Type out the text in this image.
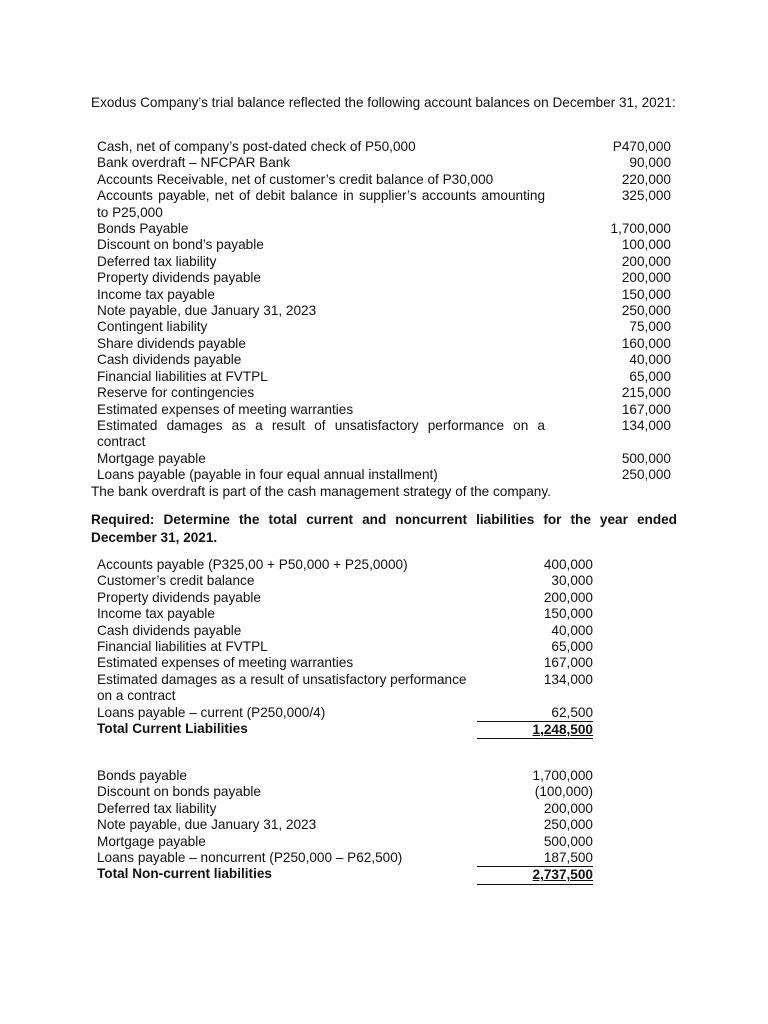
Exodus Company’s trial balance reflected the following account balances on December 31, 2021:

Cash, net of company’s post-dated check of P50,000	P470,000
Bank overdraft – NFCPAR Bank	90,000
Accounts Receivable, net of customer’s credit balance of P30,000	220,000
Accounts payable, net of debit balance in supplier’s accounts amounting to P25,000
325,000
Bonds Payable	1,700,000
Discount on bond’s payable	100,000
Deferred tax liability	200,000
Property dividends payable	200,000
Income tax payable	150,000
Note payable, due January 31, 2023	250,000
Contingent liability	75,000
Share dividends payable	160,000
Cash dividends payable	40,000
Financial liabilities at FVTPL	65,000
Reserve for contingencies	215,000
Estimated expenses of meeting warranties	167,000
Estimated damages as a result of unsatisfactory performance on a contract
134,000
Mortgage payable	500,000
Loans payable (payable in four equal annual installment)	250,000

The bank overdraft is part of the cash management strategy of the company.

Required: Determine the total current and noncurrent liabilities for the year ended December 31, 2021.

Accounts payable (P325,00 + P50,000 + P25,0000)	400,000
Customer’s credit balance	30,000
Property dividends payable	200,000
Income tax payable	150,000
Cash dividends payable	40,000
Financial liabilities at FVTPL	65,000
Estimated expenses of meeting warranties	167,000
Estimated damages as a result of unsatisfactory performance on a contract
134,000
Loans payable – current (P250,000/4)	62,500
Total Current Liabilities	1,248,500
Bonds payable	1,700,000
Discount on bonds payable	(100,000)
Deferred tax liability	200,000
Note payable, due January 31, 2023	250,000
Mortgage payable	500,000
Loans payable – noncurrent (P250,000 – P62,500)	187,500
Total Non-current liabilities	2,737,500
